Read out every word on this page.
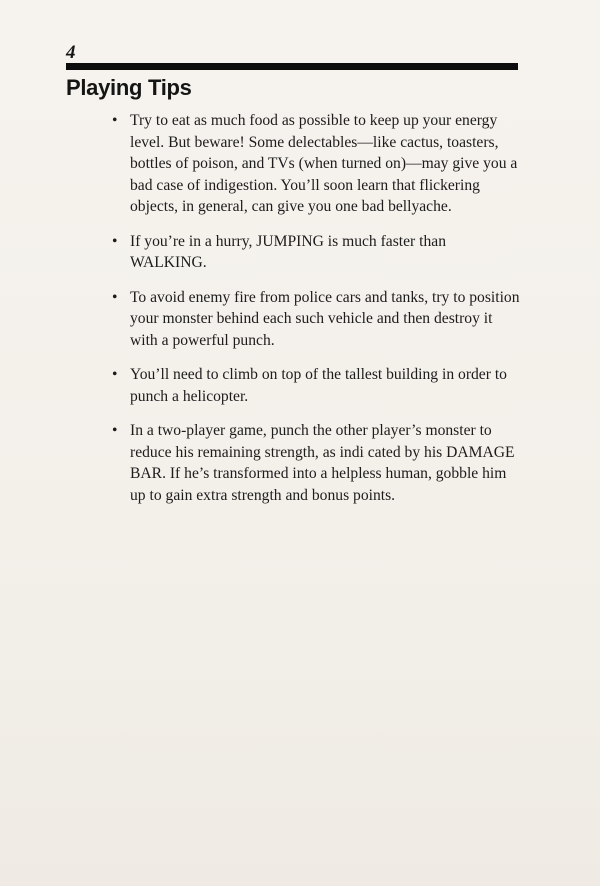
4
Playing Tips
• Try to eat as much food as possible to keep up your energy level. But beware! Some delectables—like cactus, toasters, bottles of poison, and TVs (when turned on)—may give you a bad case of indigestion. You’ll soon learn that flickering objects, in general, can give you one bad bellyache.
• If you’re in a hurry, JUMPING is much faster than WALKING.
• To avoid enemy fire from police cars and tanks, try to position your monster behind each such vehicle and then destroy it with a powerful punch.
• You’ll need to climb on top of the tallest building in order to punch a helicopter.
• In a two-player game, punch the other player’s monster to reduce his remaining strength, as indi cated by his DAMAGE BAR. If he’s transformed into a helpless human, gobble him up to gain extra strength and bonus points.
